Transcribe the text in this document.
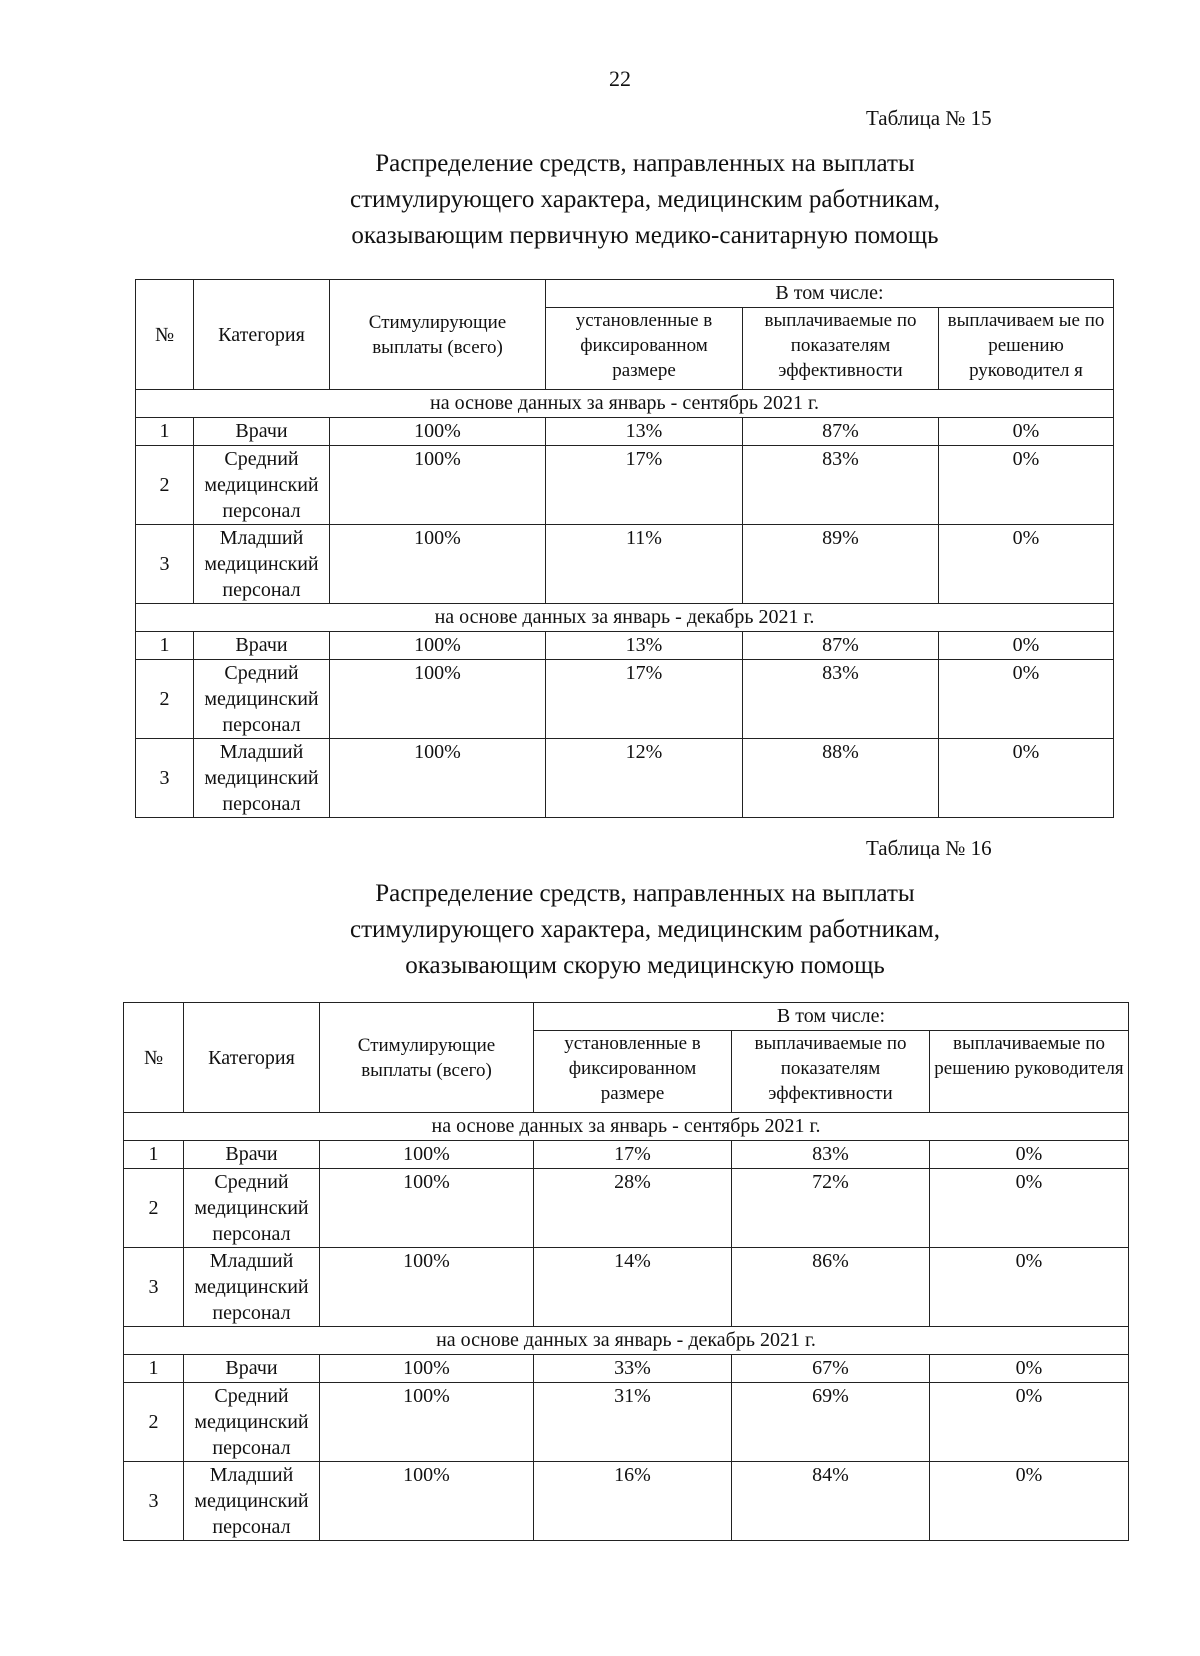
22
Таблица № 15
Распределение средств, направленных на выплаты
стимулирующего характера, медицинским работникам,
оказывающим первичную медико-санитарную помощь
№	Категория	Стимулирующие выплаты (всего)	В том числе:		
			установленные в фиксированном размере	выплачиваемые по показателям эффективности	выплачиваем ые по решению руководител я
на основе данных за январь - сентябрь 2021 г.					
1	Врачи	100%	13%	87%	0%
2	Средний медицинский персонал	100%	17%	83%	0%
3	Младший медицинский персонал	100%	11%	89%	0%
на основе данных за январь - декабрь 2021 г.					
1	Врачи	100%	13%	87%	0%
2	Средний медицинский персонал	100%	17%	83%	0%
3	Младший медицинский персонал	100%	12%	88%	0%
Таблица № 16
Распределение средств, направленных на выплаты
стимулирующего характера, медицинским работникам,
оказывающим скорую медицинскую помощь
№	Категория	Стимулирующие выплаты (всего)	В том числе:		
			установленные в фиксированном размере	выплачиваемые по показателям эффективности	выплачиваемые по решению руководителя
на основе данных за январь - сентябрь 2021 г.					
1	Врачи	100%	17%	83%	0%
2	Средний медицинский персонал	100%	28%	72%	0%
3	Младший медицинский персонал	100%	14%	86%	0%
на основе данных за январь - декабрь 2021 г.					
1	Врачи	100%	33%	67%	0%
2	Средний медицинский персонал	100%	31%	69%	0%
3	Младший медицинский персонал	100%	16%	84%	0%
